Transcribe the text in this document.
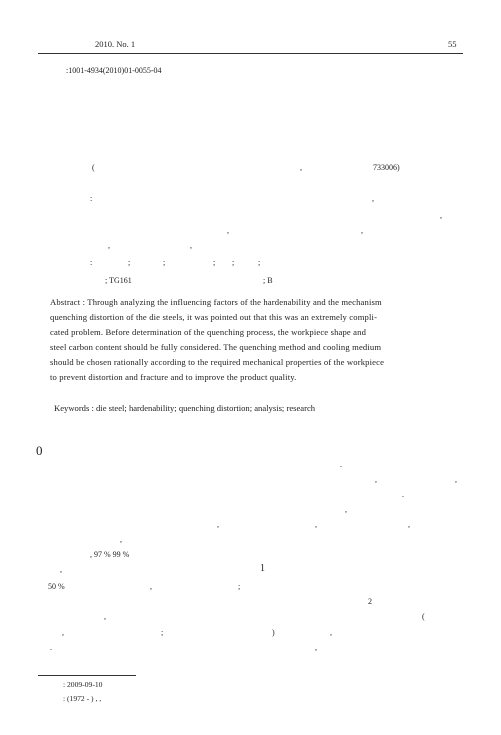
2010. No. 1	55
:1001-4934(2010)01-0055-04
(	,	733006)
:	,
,
,	,
,	,
:	;	;	; ;	;
; TG161	; B
Abstract : Through analyzing the influencing factors of the hardenability and the mechanism
quenching distortion of the die steels, it was pointed out that this was an extremely compli-
cated problem. Before determination of the quenching process, the workpiece shape and
steel carbon content should be fully considered. The quenching method and cooling medium
should be chosen rationally according to the required mechanical properties of the workpiece
to prevent distortion and fracture and to improve the product quality.
Keywords : die steel; hardenability; quenching distortion; analysis; research
0
.
,	,
.
,
,	,	,
,
, 97 % 99 %
,	1
50 %	,	;
2
,	(
,	;	)	,
.	,
: 2009-09-10
: (1972 - ) , ,
